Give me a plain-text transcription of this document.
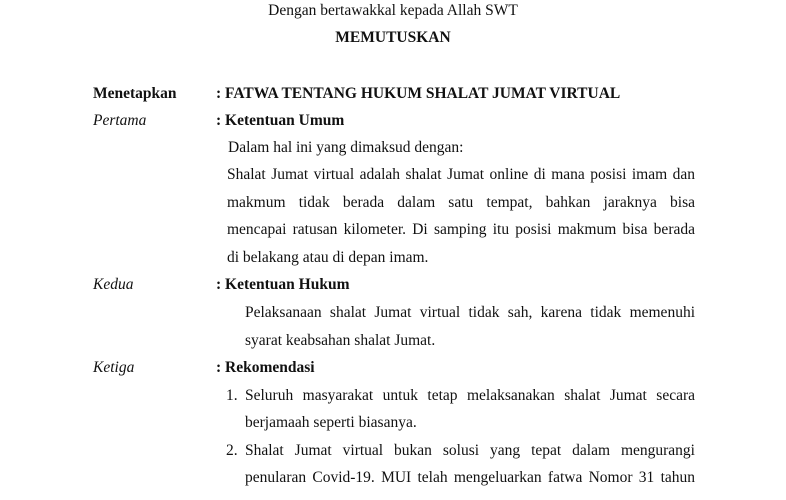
Dengan bertawakkal kepada Allah SWT
MEMUTUSKAN
Menetapkan	: FATWA TENTANG HUKUM SHALAT JUMAT VIRTUAL
Pertama	: Ketentuan Umum
Dalam hal ini yang dimaksud dengan:
Shalat Jumat virtual adalah shalat Jumat online di mana posisi imam dan
makmum tidak berada dalam satu tempat, bahkan jaraknya bisa
mencapai ratusan kilometer. Di samping itu posisi makmum bisa berada
di belakang atau di depan imam.
Kedua	: Ketentuan Hukum
Pelaksanaan shalat Jumat virtual tidak sah, karena tidak memenuhi
syarat keabsahan shalat Jumat.
Ketiga	: Rekomendasi
1. Seluruh masyarakat untuk tetap melaksanakan shalat Jumat secara
berjamaah seperti biasanya.
2. Shalat Jumat virtual bukan solusi yang tepat dalam mengurangi
penularan Covid-19. MUI telah mengeluarkan fatwa Nomor 31 tahun
